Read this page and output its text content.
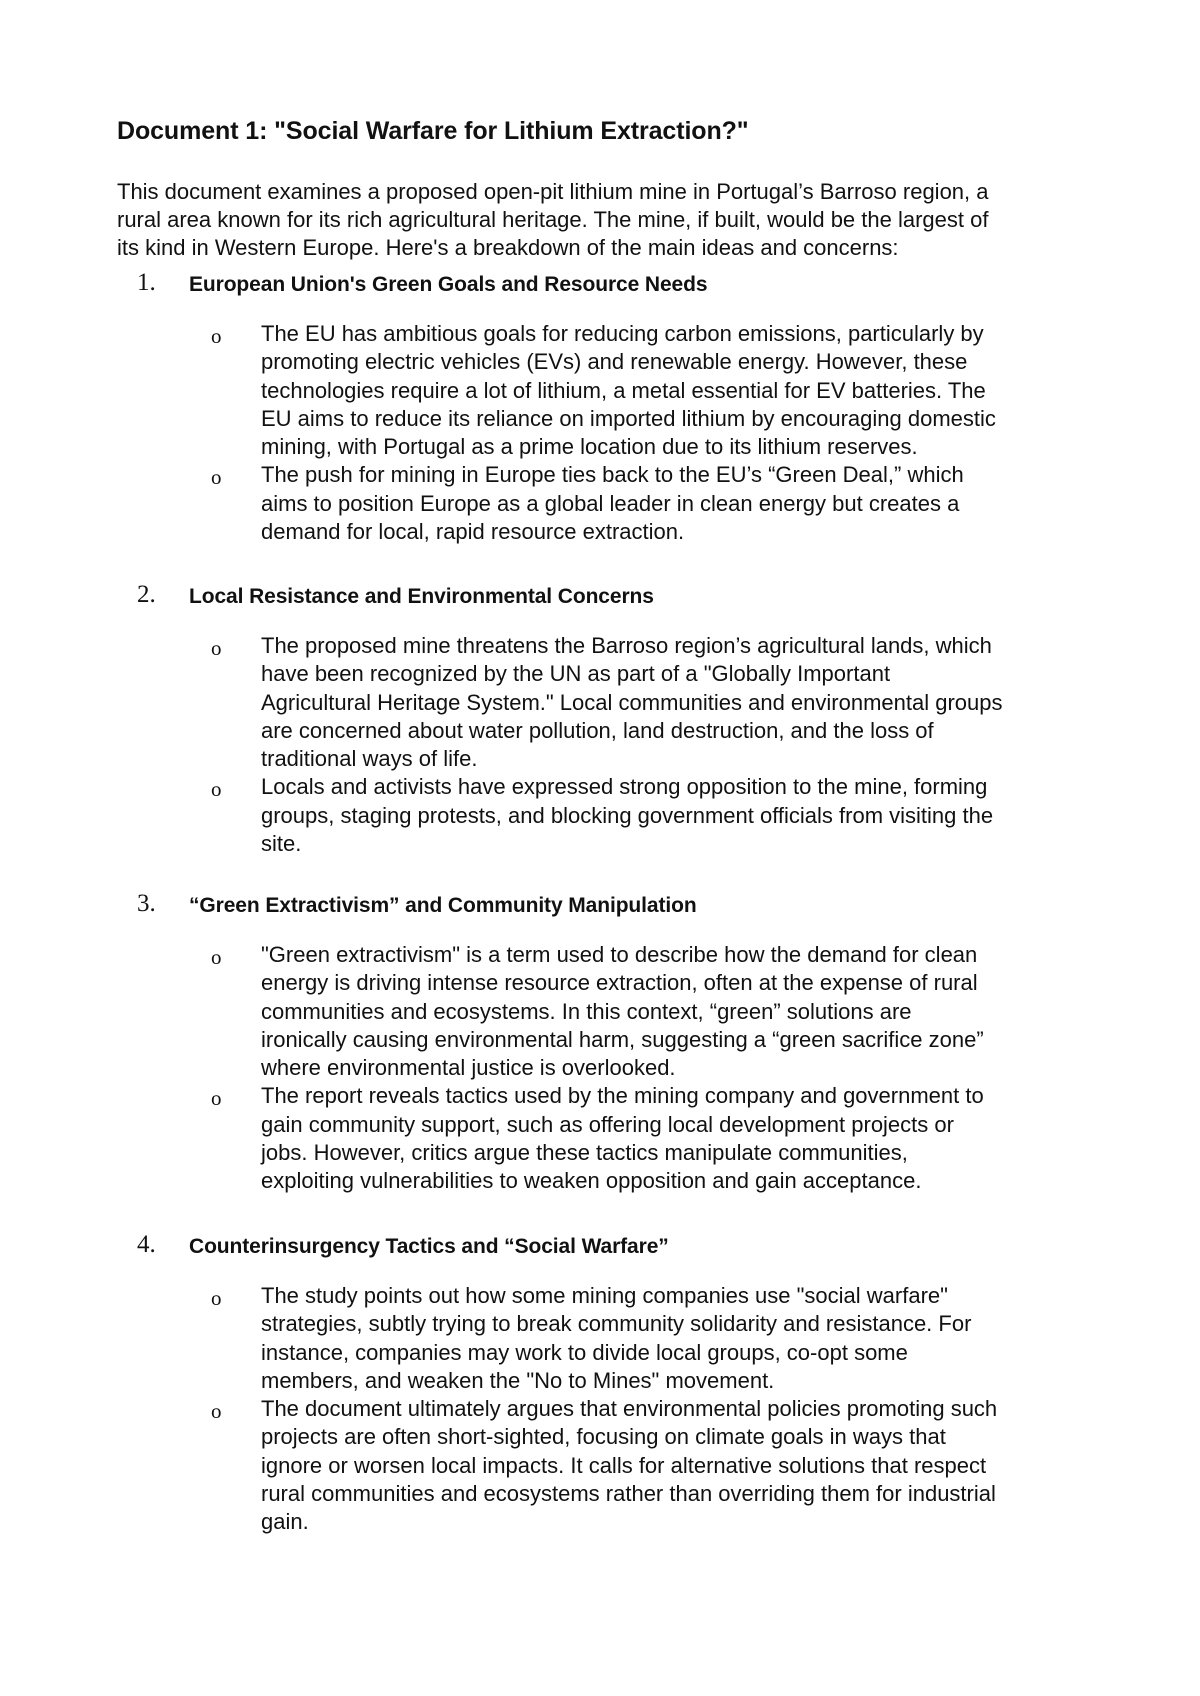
Document 1: "Social Warfare for Lithium Extraction?"

This document examines a proposed open-pit lithium mine in Portugal’s Barroso region, a
rural area known for its rich agricultural heritage. The mine, if built, would be the largest of
its kind in Western Europe. Here's a breakdown of the main ideas and concerns:

1. European Union's Green Goals and Resource Needs
o The EU has ambitious goals for reducing carbon emissions, particularly by
promoting electric vehicles (EVs) and renewable energy. However, these
technologies require a lot of lithium, a metal essential for EV batteries. The
EU aims to reduce its reliance on imported lithium by encouraging domestic
mining, with Portugal as a prime location due to its lithium reserves.
o The push for mining in Europe ties back to the EU’s “Green Deal,” which
aims to position Europe as a global leader in clean energy but creates a
demand for local, rapid resource extraction.
2. Local Resistance and Environmental Concerns
o The proposed mine threatens the Barroso region’s agricultural lands, which
have been recognized by the UN as part of a "Globally Important
Agricultural Heritage System." Local communities and environmental groups
are concerned about water pollution, land destruction, and the loss of
traditional ways of life.
o Locals and activists have expressed strong opposition to the mine, forming
groups, staging protests, and blocking government officials from visiting the
site.
3. “Green Extractivism” and Community Manipulation
o "Green extractivism" is a term used to describe how the demand for clean
energy is driving intense resource extraction, often at the expense of rural
communities and ecosystems. In this context, “green” solutions are
ironically causing environmental harm, suggesting a “green sacrifice zone”
where environmental justice is overlooked.
o The report reveals tactics used by the mining company and government to
gain community support, such as offering local development projects or
jobs. However, critics argue these tactics manipulate communities,
exploiting vulnerabilities to weaken opposition and gain acceptance.
4. Counterinsurgency Tactics and “Social Warfare”
o The study points out how some mining companies use "social warfare"
strategies, subtly trying to break community solidarity and resistance. For
instance, companies may work to divide local groups, co-opt some
members, and weaken the "No to Mines" movement.
o The document ultimately argues that environmental policies promoting such
projects are often short-sighted, focusing on climate goals in ways that
ignore or worsen local impacts. It calls for alternative solutions that respect
rural communities and ecosystems rather than overriding them for industrial
gain.
